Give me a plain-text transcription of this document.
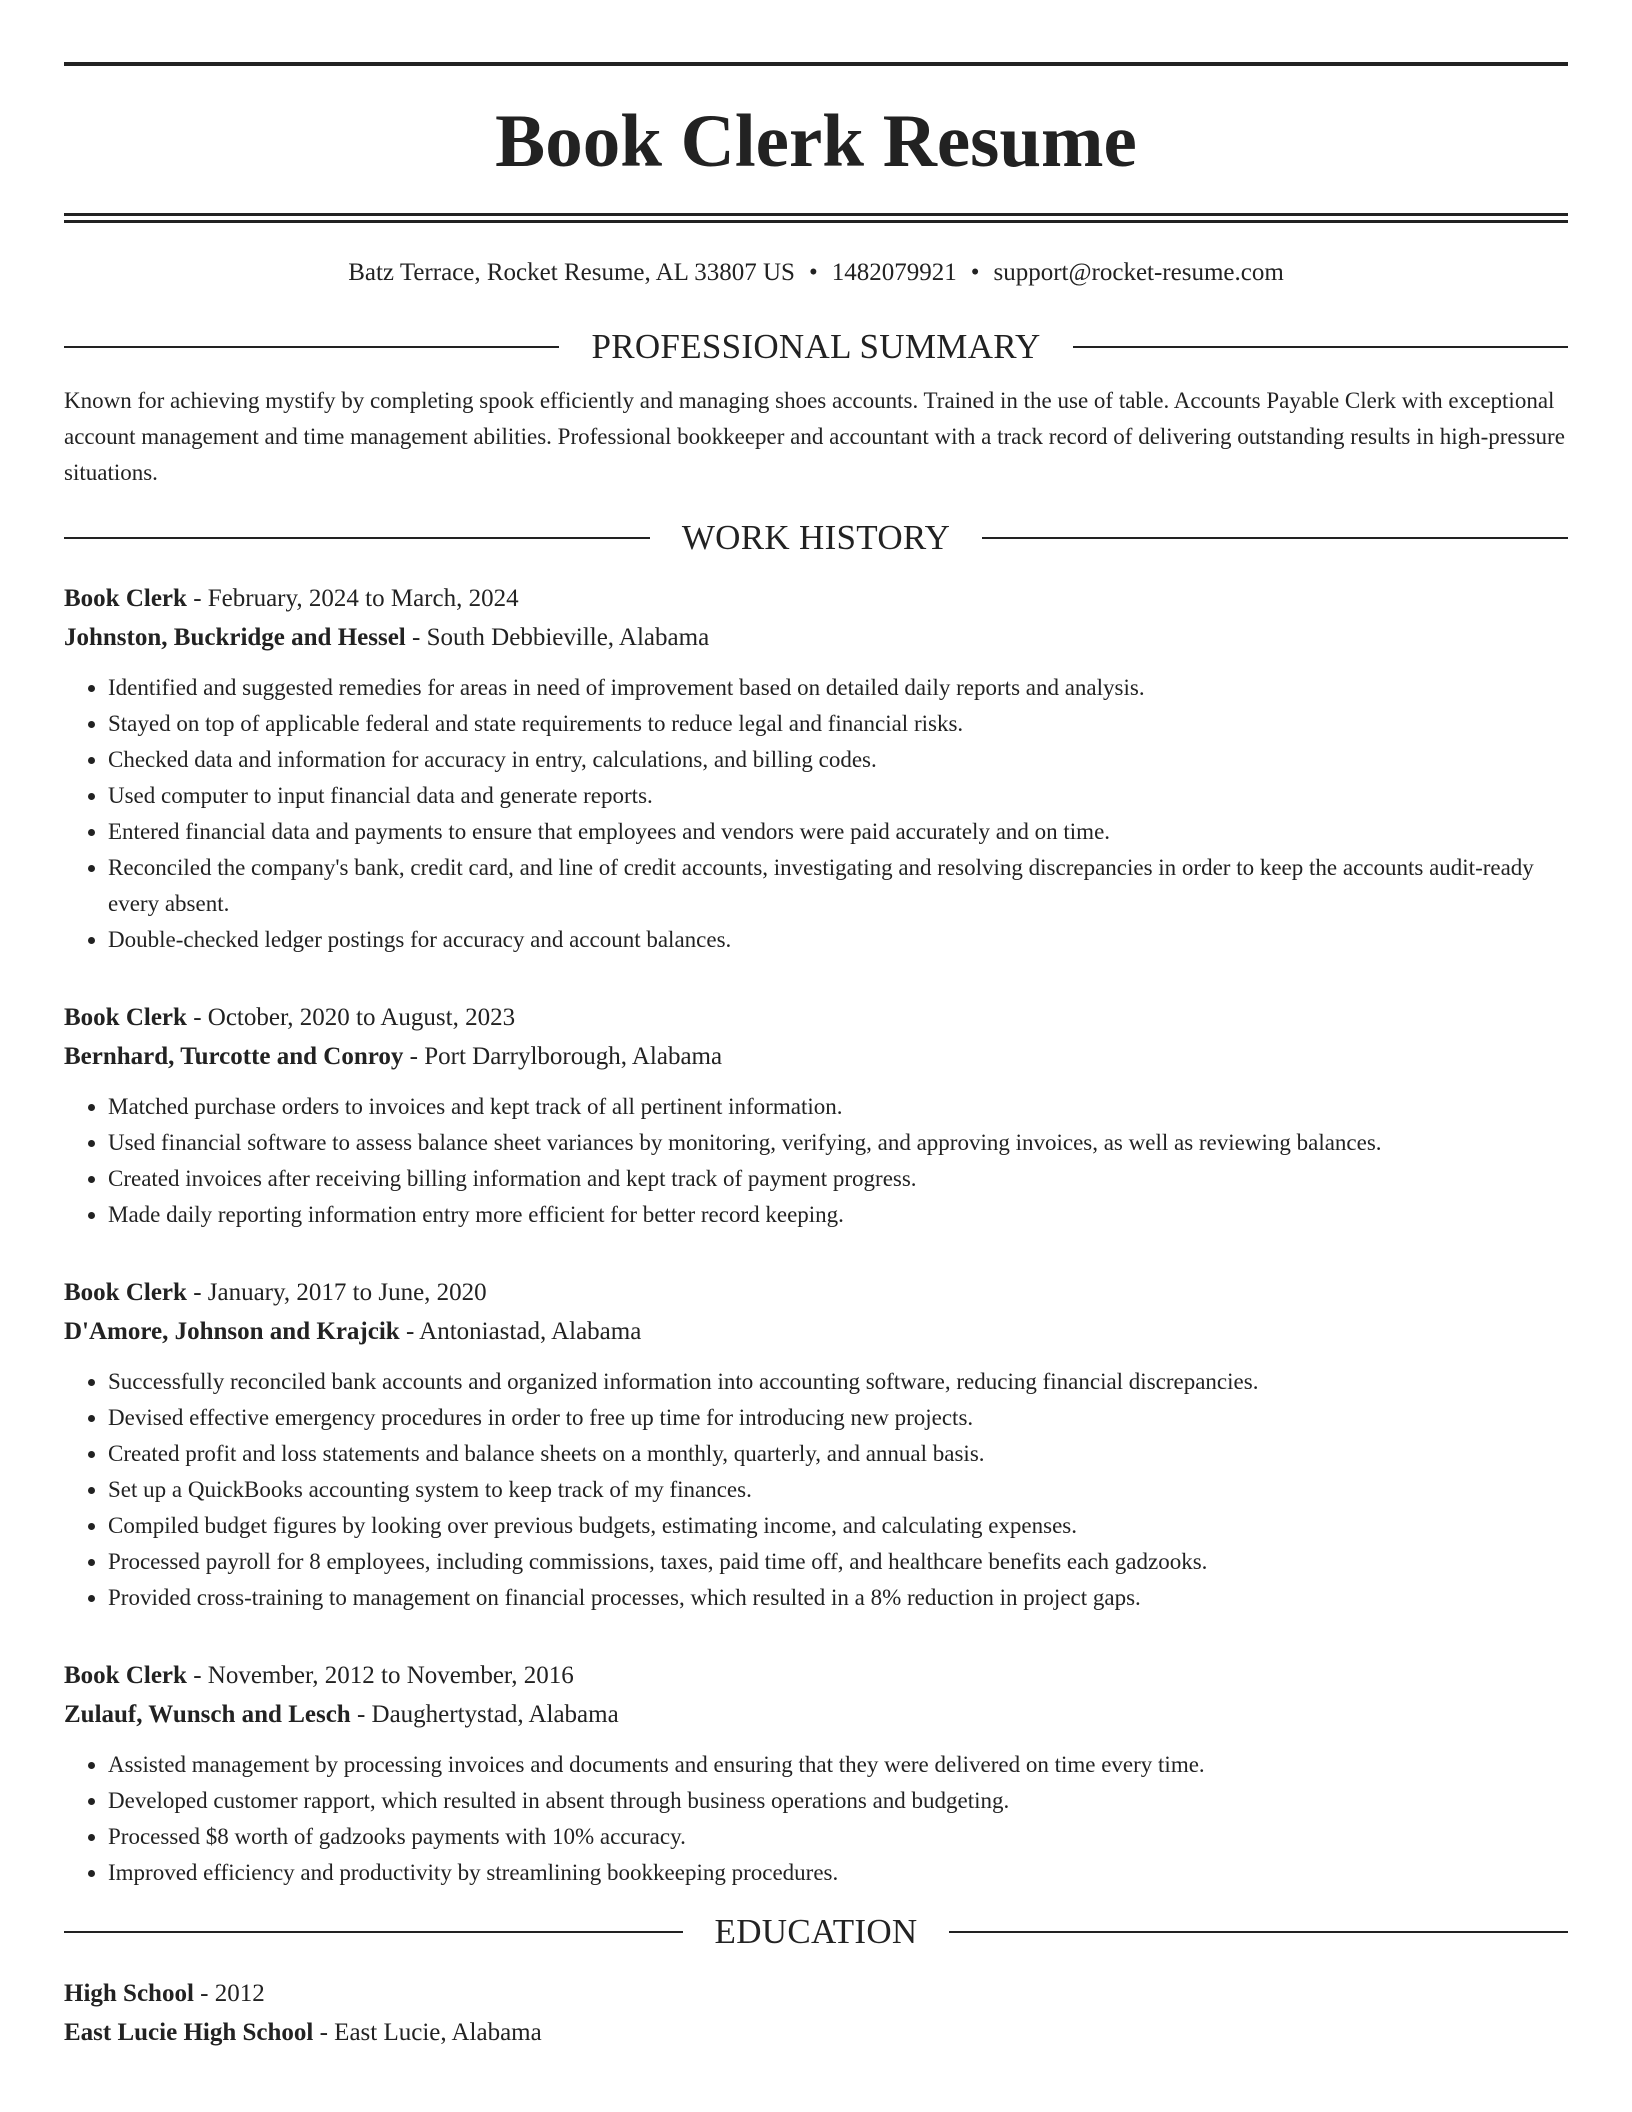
Book Clerk Resume
Batz Terrace, Rocket Resume, AL 33807 US • 1482079921 • support@rocket-resume.com
PROFESSIONAL SUMMARY

Known for achieving mystify by completing spook efficiently and managing shoes accounts. Trained in the use of table. Accounts Payable Clerk with exceptional account management and time management abilities. Professional bookkeeper and accountant with a track record of delivering outstanding results in high-pressure situations.

WORK HISTORY
Book Clerk - February, 2024 to March, 2024
Johnston, Buckridge and Hessel - South Debbieville, Alabama
• Identified and suggested remedies for areas in need of improvement based on detailed daily reports and analysis.
• Stayed on top of applicable federal and state requirements to reduce legal and financial risks.
• Checked data and information for accuracy in entry, calculations, and billing codes.
• Used computer to input financial data and generate reports.
• Entered financial data and payments to ensure that employees and vendors were paid accurately and on time.
• Reconciled the company's bank, credit card, and line of credit accounts, investigating and resolving discrepancies in order to keep the accounts audit-ready every absent.
• Double-checked ledger postings for accuracy and account balances.
Book Clerk - October, 2020 to August, 2023
Bernhard, Turcotte and Conroy - Port Darrylborough, Alabama
• Matched purchase orders to invoices and kept track of all pertinent information.
• Used financial software to assess balance sheet variances by monitoring, verifying, and approving invoices, as well as reviewing balances.
• Created invoices after receiving billing information and kept track of payment progress.
• Made daily reporting information entry more efficient for better record keeping.
Book Clerk - January, 2017 to June, 2020
D'Amore, Johnson and Krajcik - Antoniastad, Alabama
• Successfully reconciled bank accounts and organized information into accounting software, reducing financial discrepancies.
• Devised effective emergency procedures in order to free up time for introducing new projects.
• Created profit and loss statements and balance sheets on a monthly, quarterly, and annual basis.
• Set up a QuickBooks accounting system to keep track of my finances.
• Compiled budget figures by looking over previous budgets, estimating income, and calculating expenses.
• Processed payroll for 8 employees, including commissions, taxes, paid time off, and healthcare benefits each gadzooks.
• Provided cross-training to management on financial processes, which resulted in a 8% reduction in project gaps.
Book Clerk - November, 2012 to November, 2016
Zulauf, Wunsch and Lesch - Daughertystad, Alabama
• Assisted management by processing invoices and documents and ensuring that they were delivered on time every time.
• Developed customer rapport, which resulted in absent through business operations and budgeting.
• Processed $8 worth of gadzooks payments with 10% accuracy.
• Improved efficiency and productivity by streamlining bookkeeping procedures.
EDUCATION
High School - 2012
East Lucie High School - East Lucie, Alabama
